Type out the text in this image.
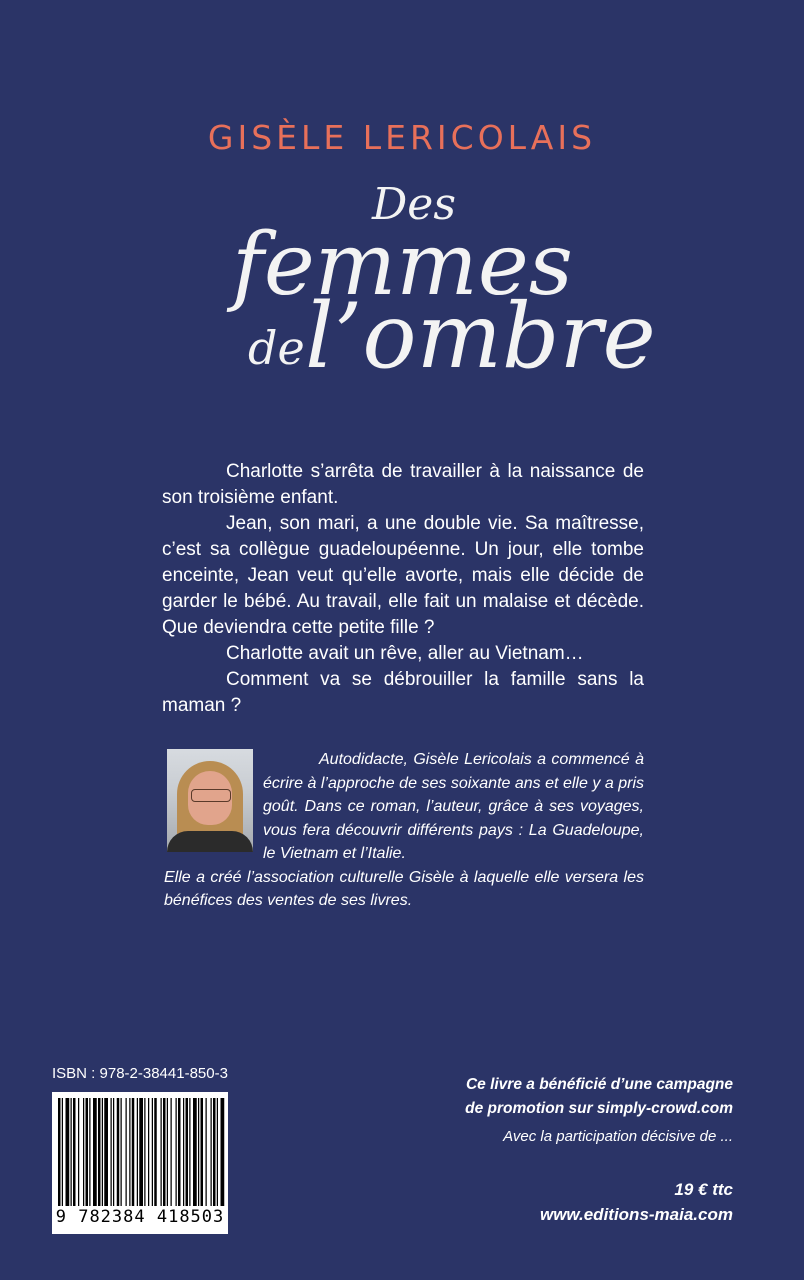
GISÈLE LERICOLAIS
Des
femmes
de l’ombre

Charlotte s’arrêta de travailler à la naissance de son troisième enfant.

Jean, son mari, a une double vie. Sa maîtresse, c’est sa collègue guadeloupéenne. Un jour, elle tombe enceinte, Jean veut qu’elle avorte, mais elle décide de garder le bébé. Au travail, elle fait un malaise et décède. Que deviendra cette petite fille ?

Charlotte avait un rêve, aller au Vietnam…

Comment va se débrouiller la famille sans la maman ?

Autodidacte, Gisèle Lericolais a commencé à écrire à l’approche de ses soixante ans et elle y a pris goût. Dans ce roman, l’auteur, grâce à ses voyages, vous fera découvrir différents pays : La Guadeloupe, le Vietnam et l’Italie.

Elle a créé l’association culturelle Gisèle à laquelle elle versera les bénéfices des ventes de ses livres.

ISBN : 978-2-38441-850-3
9 782384 418503
Ce livre a bénéficié d’une campagne
de promotion sur simply-crowd.com
Avec la participation décisive de ...
19 € ttc
www.editions-maia.com
